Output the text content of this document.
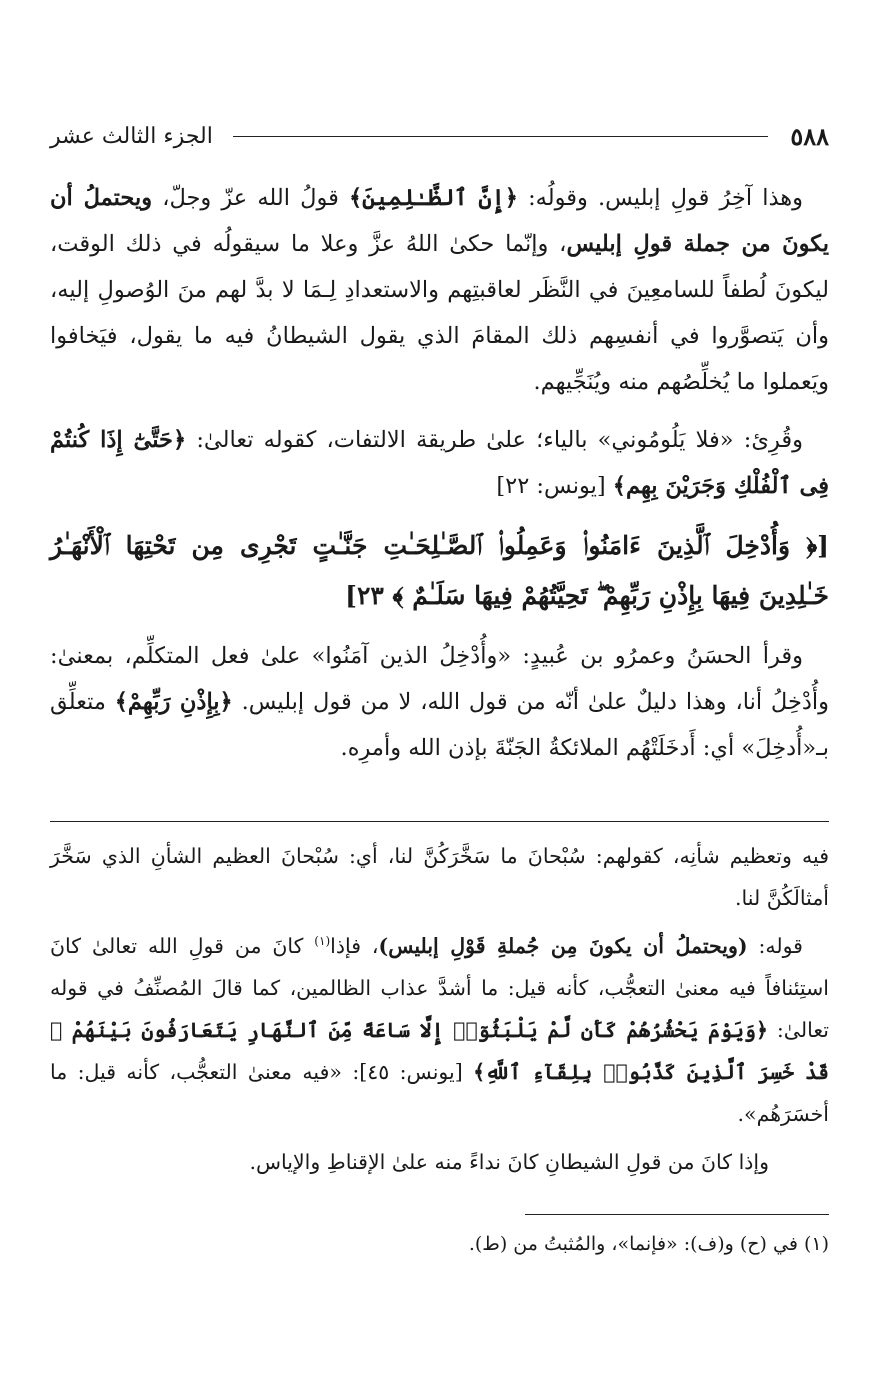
٥٨٨
الجزء الثالث عشر

وهذا آخِرُ قولِ إبليس. وقولُه: ﴿إِنَّ ٱلظَّـٰلِمِينَ﴾ قولُ الله عزّ وجلّ، ويحتملُ أن يكونَ من جملة قولِ إبليس، وإنّما حكىٰ اللهُ عزَّ وعلا ما سيقولُه في ذلك الوقت، ليكونَ لُطفاً للسامعِينَ في النَّظَر لعاقبتِهم والاستعدادِ لِـمَا لا بدَّ لهم منَ الوُصولِ إليه، وأن يَتصوَّروا في أنفسِهم ذلك المقامَ الذي يقول الشيطانُ فيه ما يقول، فيَخافوا ويَعملوا ما يُخلِّصُهم منه ويُنَجِّيهم.

وقُرِئ: «فلا يَلُومُوني» بالياء؛ علىٰ طريقة الالتفات، كقوله تعالىٰ: ﴿حَتَّىٰٓ إِذَا كُنتُمْ فِى ٱلْفُلْكِ وَجَرَيْنَ بِهِم﴾ [يونس: ٢٢]

[﴿ وَأُدْخِلَ ٱلَّذِينَ ءَامَنُوا۟ وَعَمِلُوا۟ ٱلصَّـٰلِحَـٰتِ جَنَّـٰتٍ تَجْرِى مِن تَحْتِهَا ٱلْأَنْهَـٰرُ خَـٰلِدِينَ فِيهَا بِإِذْنِ رَبِّهِمْ ۖ تَحِيَّتُهُمْ فِيهَا سَلَـٰمٌ ﴾ ٢٣]

وقرأ الحسَنُ وعمرُو بن عُبيدٍ: «وأُدْخِلُ الذين آمَنُوا» علىٰ فعل المتكلِّم، بمعنىٰ: وأُدْخِلُ أنا، وهذا دليلٌ علىٰ أنّه من قول الله، لا من قول إبليس. ﴿بِإِذْنِ رَبِّهِمْ﴾ متعلِّق بـ«أُدخِلَ» أي: أَدخَلَتْهُم الملائكةُ الجَنّةَ بإذن الله وأمرِه.

فيه وتعظيم شأنِه، كقولهم: سُبْحانَ ما سَخَّرَكُنَّ لنا، أي: سُبْحانَ العظيم الشأنِ الذي سَخَّرَ أمثالَكُنَّ لنا.

قوله: (ويحتملُ أن يكونَ مِن جُملةِ قَوْلِ إبليس)، فإذا$^{(١)}$ كانَ من قولِ الله تعالىٰ كانَ استِئنافاً فيه معنىٰ التعجُّب، كأنه قيل: ما أشدَّ عذاب الظالمين، كما قالَ المُصنِّفُ في قوله تعالىٰ: ﴿وَيَوْمَ يَحْشُرُهُمْ كَأَن لَّمْ يَلْبَثُوٓا۟ إِلَّا سَاعَةً مِّنَ ٱلنَّهَارِ يَتَعَارَفُونَ بَيْنَهُمْ ۚ قَدْ خَسِرَ ٱلَّذِينَ كَذَّبُوا۟ بِلِقَآءِ ٱللَّهِ﴾ [يونس: ٤٥]: «فيه معنىٰ التعجُّب، كأنه قيل: ما أخسَرَهُم».

وإذا كانَ من قولِ الشيطانِ كانَ نداءً منه علىٰ الإقناطِ والإياس.

(١) في (ح) و(ف): «فإنما»، والمُثبتُ من (ط).
